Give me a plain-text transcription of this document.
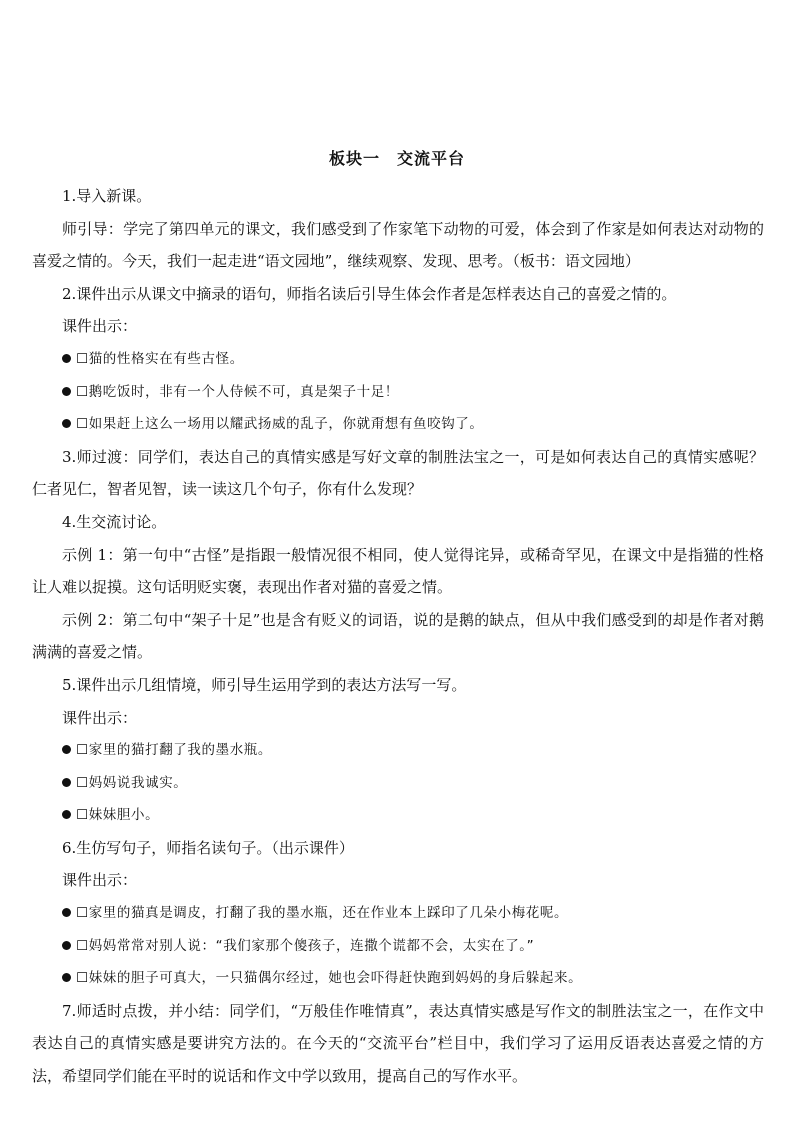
板块一　交流平台

1.导入新课。

师引导：学完了第四单元的课文，我们感受到了作家笔下动物的可爱，体会到了作家是如何表达对动物的喜爱之情的。今天，我们一起走进“语文园地”，继续观察、发现、思考。（板书：语文园地）

2.课件出示从课文中摘录的语句，师指名读后引导生体会作者是怎样表达自己的喜爱之情的。

课件出示：

☐猫的性格实在有些古怪。

☐鹅吃饭时，非有一个人侍候不可，真是架子十足！

☐如果赶上这么一场用以耀武扬威的乱子，你就甭想有鱼咬钩了。

3.师过渡：同学们，表达自己的真情实感是写好文章的制胜法宝之一，可是如何表达自己的真情实感呢？仁者见仁，智者见智，读一读这几个句子，你有什么发现？

4.生交流讨论。

示例 1：第一句中“古怪”是指跟一般情况很不相同，使人觉得诧异，或稀奇罕见，在课文中是指猫的性格让人难以捉摸。这句话明贬实褒，表现出作者对猫的喜爱之情。

示例 2：第二句中“架子十足”也是含有贬义的词语，说的是鹅的缺点，但从中我们感受到的却是作者对鹅满满的喜爱之情。

5.课件出示几组情境，师引导生运用学到的表达方法写一写。

课件出示：

☐家里的猫打翻了我的墨水瓶。

☐妈妈说我诚实。

☐妹妹胆小。

6.生仿写句子，师指名读句子。（出示课件）

课件出示：

☐家里的猫真是调皮，打翻了我的墨水瓶，还在作业本上踩印了几朵小梅花呢。

☐妈妈常常对别人说：“我们家那个傻孩子，连撒个谎都不会，太实在了。”

☐妹妹的胆子可真大，一只猫偶尔经过，她也会吓得赶快跑到妈妈的身后躲起来。

7.师适时点拨，并小结：同学们，“万般佳作唯情真”，表达真情实感是写作文的制胜法宝之一，在作文中表达自己的真情实感是要讲究方法的。在今天的“交流平台”栏目中，我们学习了运用反语表达喜爱之情的方法，希望同学们能在平时的说话和作文中学以致用，提高自己的写作水平。
